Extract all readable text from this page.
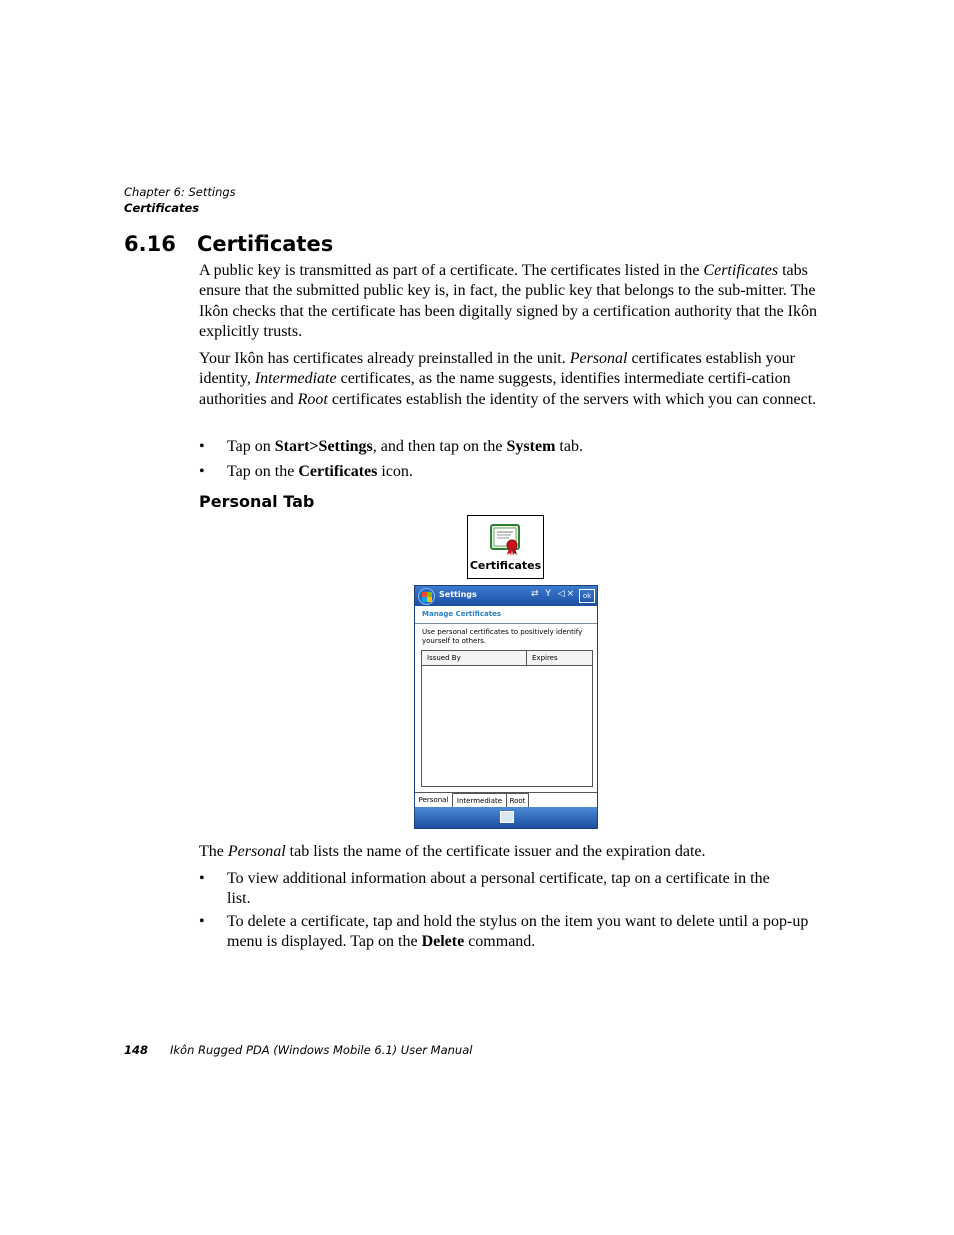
Chapter 6: Settings
Certificates
6.16 Certificates
A public key is transmitted as part of a certificate. The certificates listed in the Certificates tabs ensure that the submitted public key is, in fact, the public key that belongs to the sub-mitter. The Ikôn checks that the certificate has been digitally signed by a certification authority that the Ikôn explicitly trusts.
Your Ikôn has certificates already preinstalled in the unit. Personal certificates establish your identity, Intermediate certificates, as the name suggests, identifies intermediate certifi-cation authorities and Root certificates establish the identity of the servers with which you can connect.
• Tap on Start>Settings, and then tap on the System tab.
• Tap on the Certificates icon.
Personal Tab
Certificates
Settings	⇄ Y ◁× ok
Manage Certificates
Use personal certificates to positively identify yourself to others.
Issued By	Expires
Personal	Intermediate	Root
The Personal tab lists the name of the certificate issuer and the expiration date.
• To view additional information about a personal certificate, tap on a certificate in the list.
• To delete a certificate, tap and hold the stylus on the item you want to delete until a pop-up menu is displayed. Tap on the Delete command.
148 Ikôn Rugged PDA (Windows Mobile 6.1) User Manual
